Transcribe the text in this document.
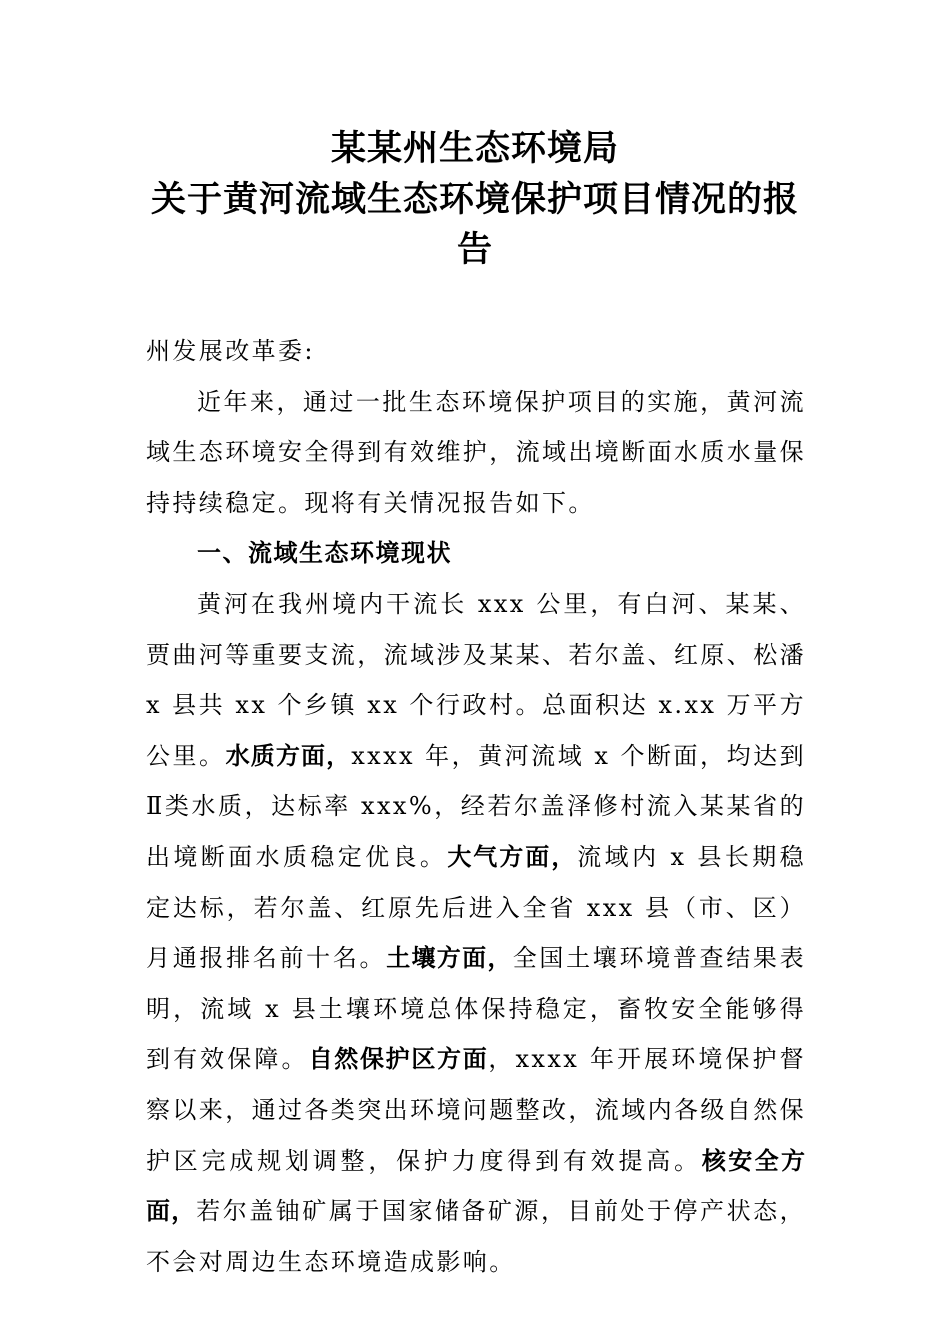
某某州生态环境局
关于黄河流域生态环境保护项目情况的报
告

州发展改革委:

近年来，通过一批生态环境保护项目的实施，黄河流域生态环境安全得到有效维护，流域出境断面水质水量保持持续稳定。现将有关情况报告如下。

一、流域生态环境现状

黄河在我州境内干流长 xxx 公里，有白河、某某、贾曲河等重要支流，流域涉及某某、若尔盖、红原、松潘 x 县共 xx 个乡镇 xx 个行政村。总面积达 x.xx 万平方公里。水质方面，xxxx 年，黄河流域 x 个断面，均达到Ⅱ类水质，达标率 xxx%，经若尔盖泽修村流入某某省的出境断面水质稳定优良。大气方面，流域内 x 县长期稳定达标，若尔盖、红原先后进入全省 xxx 县（市、区）月通报排名前十名。土壤方面，全国土壤环境普查结果表明，流域 x 县土壤环境总体保持稳定，畜牧安全能够得到有效保障。自然保护区方面，xxxx 年开展环境保护督察以来，通过各类突出环境问题整改，流域内各级自然保护区完成规划调整，保护力度得到有效提高。核安全方面，若尔盖铀矿属于国家储备矿源，目前处于停产状态，不会对周边生态环境造成影响。
